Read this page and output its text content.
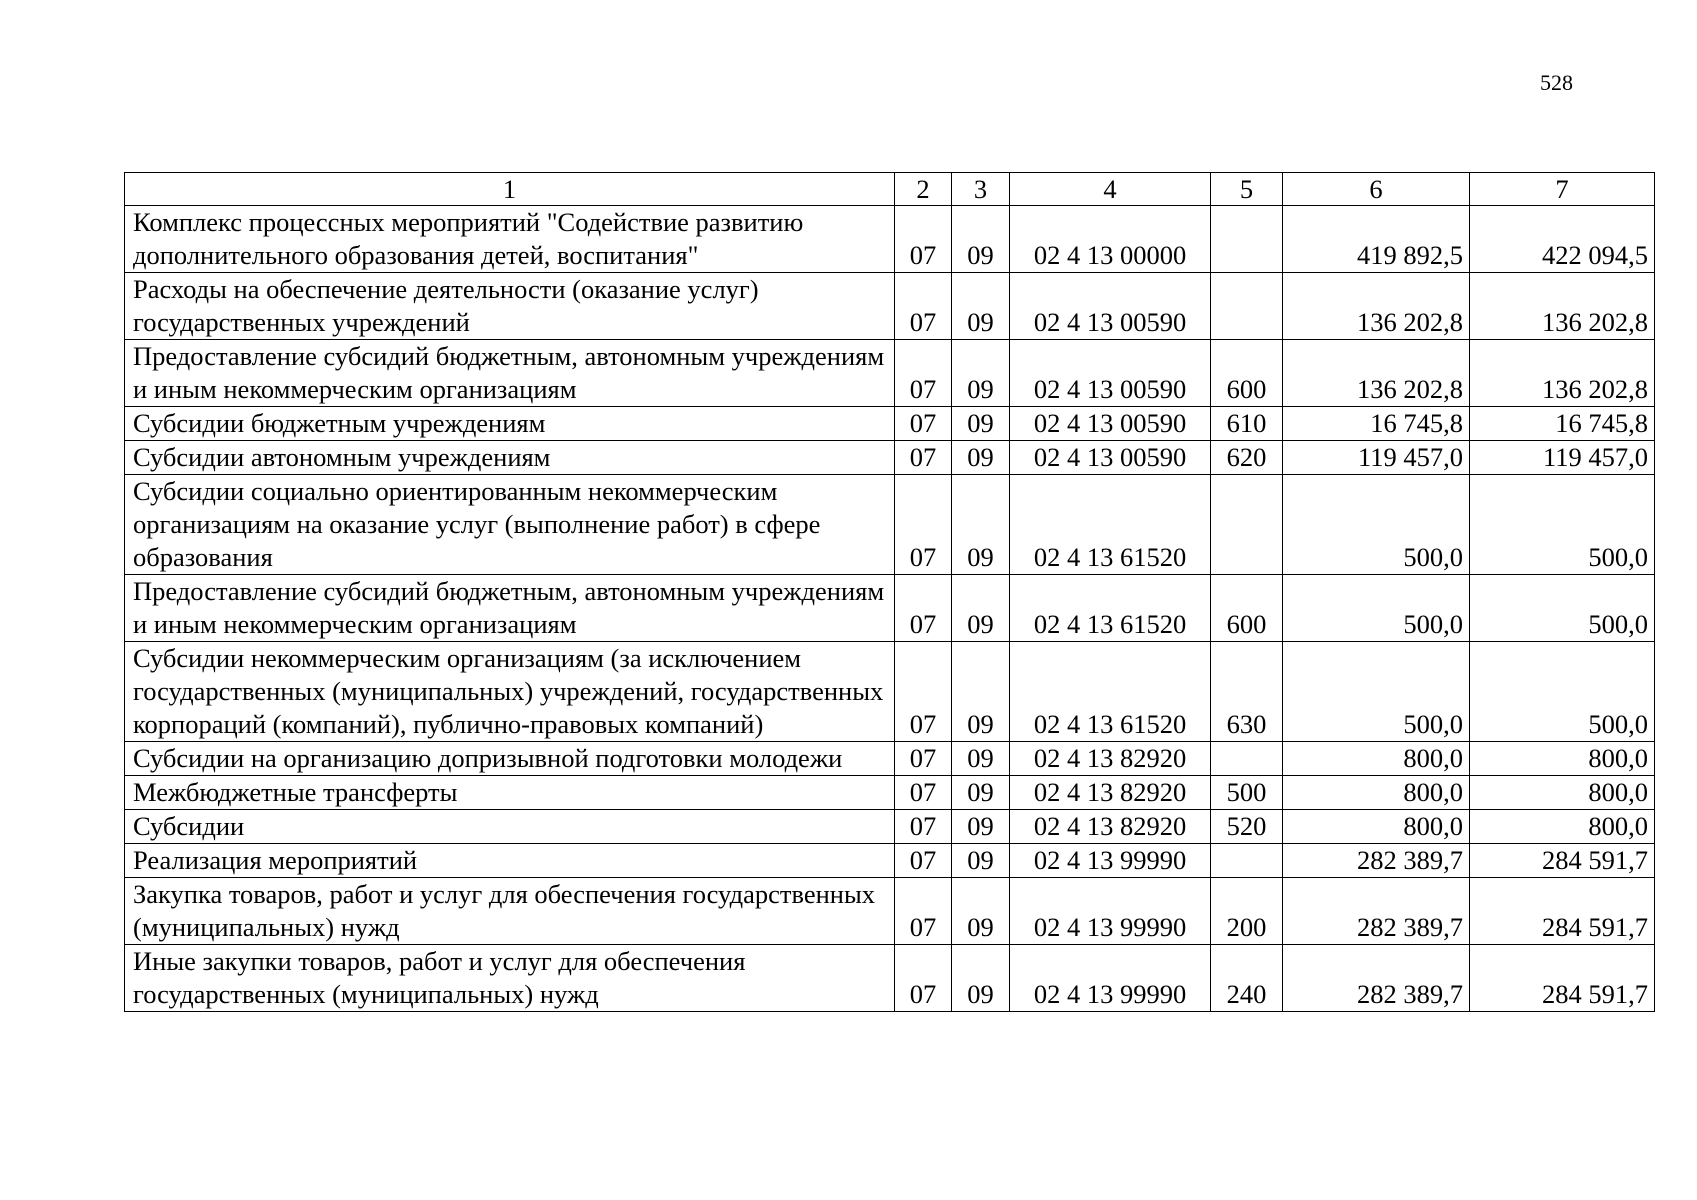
528
1	2	3	4	5	6	7
Комплекс процессных мероприятий "Содействие развитию дополнительного образования детей, воспитания"	07	09	02 4 13 00000		419 892,5	422 094,5
Расходы на обеспечение деятельности (оказание услуг) государственных учреждений	07	09	02 4 13 00590		136 202,8	136 202,8
Предоставление субсидий бюджетным, автономным учреждениям и иным некоммерческим организациям	07	09	02 4 13 00590	600	136 202,8	136 202,8
Субсидии бюджетным учреждениям	07	09	02 4 13 00590	610	16 745,8	16 745,8
Субсидии автономным учреждениям	07	09	02 4 13 00590	620	119 457,0	119 457,0
Субсидии социально ориентированным некоммерческим организациям на оказание услуг (выполнение работ) в сфере образования	07	09	02 4 13 61520		500,0	500,0
Предоставление субсидий бюджетным, автономным учреждениям и иным некоммерческим организациям	07	09	02 4 13 61520	600	500,0	500,0
Субсидии некоммерческим организациям (за исключением государственных (муниципальных) учреждений, государственных корпораций (компаний), публично-правовых компаний)	07	09	02 4 13 61520	630	500,0	500,0
Субсидии на организацию допризывной подготовки молодежи	07	09	02 4 13 82920		800,0	800,0
Межбюджетные трансферты	07	09	02 4 13 82920	500	800,0	800,0
Субсидии	07	09	02 4 13 82920	520	800,0	800,0
Реализация мероприятий	07	09	02 4 13 99990		282 389,7	284 591,7
Закупка товаров, работ и услуг для обеспечения государственных (муниципальных) нужд	07	09	02 4 13 99990	200	282 389,7	284 591,7
Иные закупки товаров, работ и услуг для обеспечения государственных (муниципальных) нужд	07	09	02 4 13 99990	240	282 389,7	284 591,7
